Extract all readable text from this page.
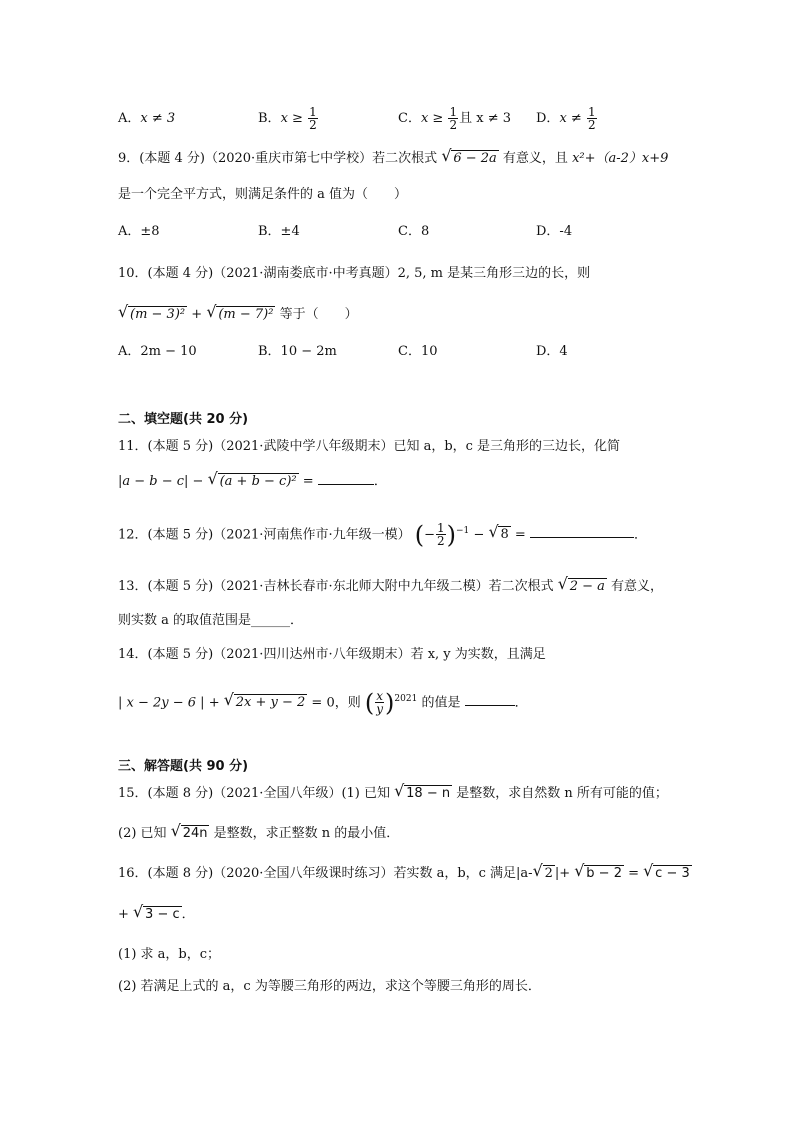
A．x ≠ 3	B．$x \ge \frac{1}{2}$	C．$x \ge \frac{1}{2}$ 且 x ≠ 3 D．$x \ne \frac{1}{2}$
9．(本题 4 分)（2020·重庆市第七中学校）若二次根式 √ 6 − 2a 有意义，且 x²+（a-2）x+9
是一个完全平方式，则满足条件的 a 值为（　　）
A．±8	B．±4	C．8	D．-4
10．(本题 4 分)（2021·湖南娄底市·中考真题）2, 5, m 是某三角形三边的长，则
√ (m − 3)² + √ (m − 7)² 等于（　　）
A．2m − 10	B．10 − 2m	C．10	D．4
二、填空题(共 20 分)
11．(本题 5 分)（2021·武陵中学八年级期末）已知 a，b，c 是三角形的三边长，化简
|a − b − c| − √ (a + b − c)² =	．
12．(本题 5 分)（2021·河南焦作市·九年级一模） (− $\frac{1}{2} )^{-1}$ − √ 8 =	．
13．(本题 5 分)（2021·吉林长春市·东北师大附中九年级二模）若二次根式 √ 2 − a 有意义，
则实数 a 的取值范围是______．
14．(本题 5 分)（2021·四川达州市·八年级期末）若 x, y 为实数，且满足
| x − 2y − 6 | + √ 2x + y − 2 = 0，则 ( $\frac{x}{y} )^{2021}$ 的值是	．
三、解答题(共 90 分)
15．(本题 8 分)（2021·全国八年级）(1) 已知 √ 18 − n 是整数，求自然数 n 所有可能的值；
(2) 已知 √ 24n 是整数，求正整数 n 的最小值．
16．(本题 8 分)（2020·全国八年级课时练习）若实数 a，b，c 满足|a- √ 2 |+ √ b − 2 = √ c − 3
+ √ 3 − c ．
(1) 求 a，b，c；
(2) 若满足上式的 a，c 为等腰三角形的两边，求这个等腰三角形的周长．
